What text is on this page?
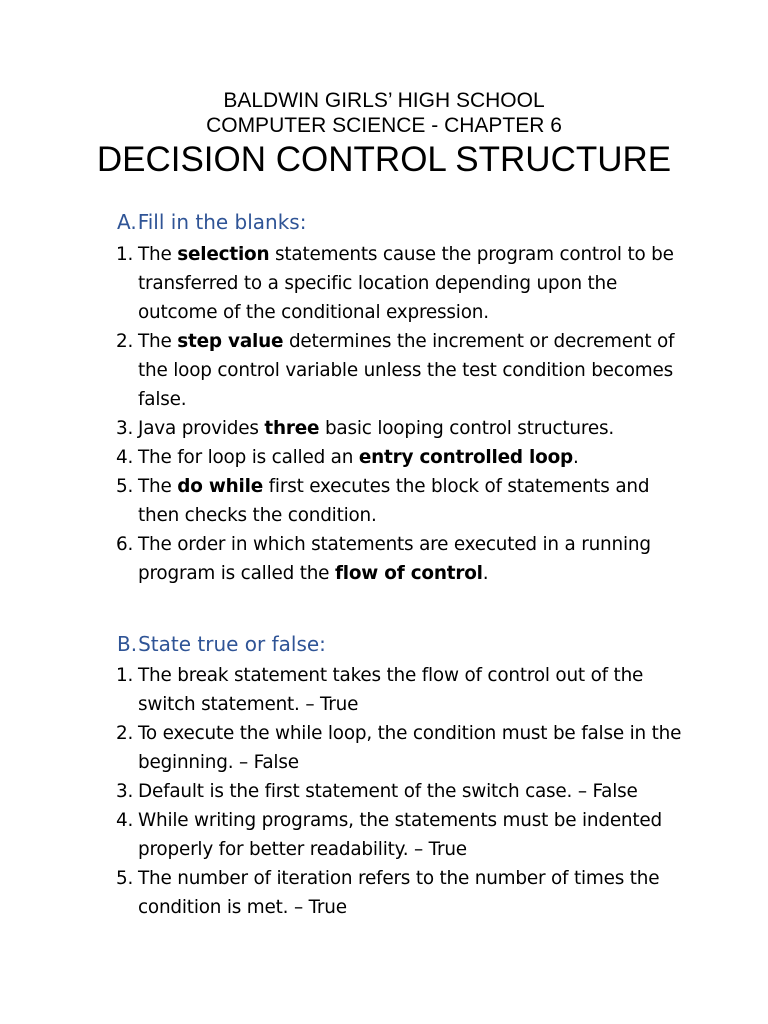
BALDWIN GIRLS’ HIGH SCHOOL
COMPUTER SCIENCE - CHAPTER 6
DECISION CONTROL STRUCTURE
A.Fill in the blanks:
1. The selection statements cause the program control to be transferred to a specific location depending upon the outcome of the conditional expression.
2. The step value determines the increment or decrement of the loop control variable unless the test condition becomes false.
3. Java provides three basic looping control structures.
4. The for loop is called an entry controlled loop.
5. The do while first executes the block of statements and then checks the condition.
6. The order in which statements are executed in a running program is called the flow of control.
B.State true or false:
1. The break statement takes the flow of control out of the switch statement. – True
2. To execute the while loop, the condition must be false in the beginning. – False
3. Default is the first statement of the switch case. – False
4. While writing programs, the statements must be indented properly for better readability. – True
5. The number of iteration refers to the number of times the condition is met. – True
